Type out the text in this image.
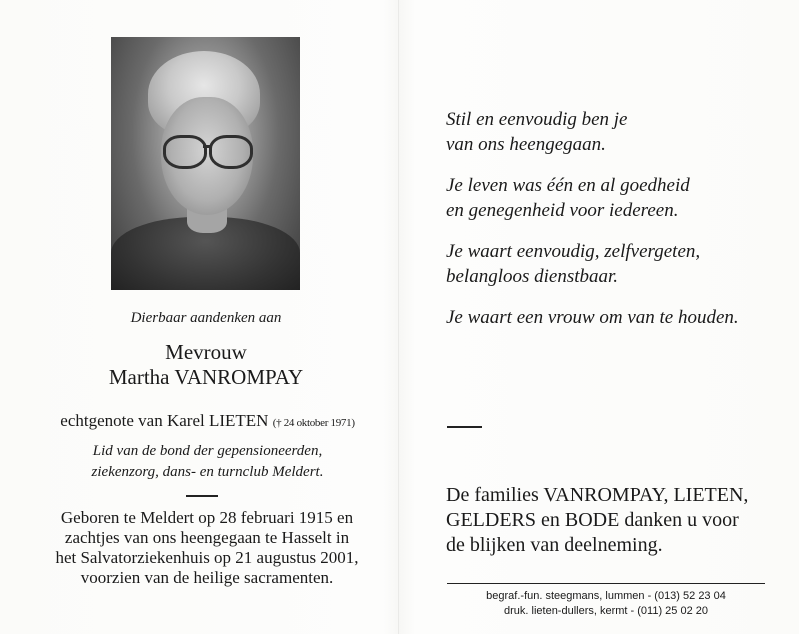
Dierbaar aandenken aan
Mevrouw
Martha VANROMPAY
echtgenote van Karel LIETEN († 24 oktober 1971)
Lid van de bond der gepensioneerden,
ziekenzorg, dans- en turnclub Meldert.
Geboren te Meldert op 28 februari 1915 en
zachtjes van ons heengegaan te Hasselt in
het Salvatorziekenhuis op 21 augustus 2001,
voorzien van de heilige sacramenten.
Stil en eenvoudig ben je
van ons heengegaan.
Je leven was één en al goedheid
en genegenheid voor iedereen.
Je waart eenvoudig, zelfvergeten,
belangloos dienstbaar.
Je waart een vrouw om van te houden.
De families VANROMPAY, LIETEN,
GELDERS en BODE danken u voor
de blijken van deelneming.
begraf.-fun. steegmans, lummen - (013) 52 23 04
druk. lieten-dullers, kermt - (011) 25 02 20
